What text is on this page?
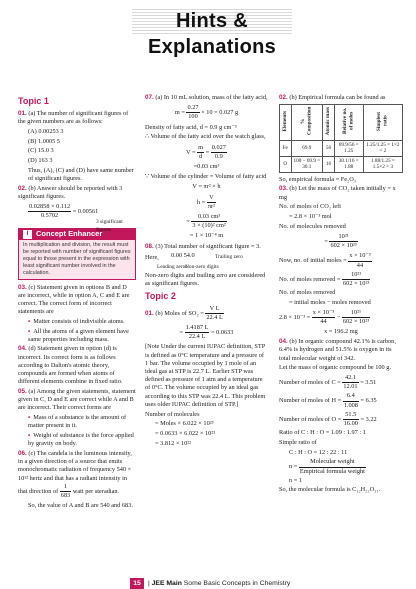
Hints & Explanations
Topic 1

01. (a) The number of significant figures of the given numbers are as follows:

(A) 0.00253 3

(B) 1.0005 5

(C) 15.0 3

(D) 163 3

Thus, (A), (C) and (D) have same number of significant figures.

02. (b) Answer should be reported with 3 significant figures.

$\frac{0.02858 \times 0.112}{0.5702} = 0.00561$
3 significant figures
i	Concept Enhancer
In multiplication and division, the result must be reported with number of significant figures equal to those present in the expression with least significant number involved in the calculation.

03. (c) Statement given in options B and D are incorrect, while in option A, C and E are correct. The correct form of incorrect statements are

▪ Matter consists of indivisible atoms.

▪ All the atoms of a given element have same properties including mass.

04. (d) Statement given in option (d) is incorrect. Its correct form is as follows according to Dalton's atomic theory, compounds are formed when atoms of different elements combine in fixed ratio.

05. (a) Among the given statements, statement given in C, D and E are correct while A and B are incorrect. Their correct forms are

▪ Mass of a substance is the amount of matter present in it.

▪ Weight of substance is the force applied by gravity on body.

06. (c) The candela is the luminous intensity, in a given direction of a source that emits monochromatic radiation of frequency 540 × 10¹² hertz and that has a radiant intensity in that direction of $\frac{1}{683}$ watt per steradian.

So, the value of A and B are 540 and 683.

07. (a) In 10 mL solution, mass of the fatty acid,

$m = \frac{0.27}{100} \times 10 = 0.027$ g

Density of fatty acid, d = 0.9 g cm⁻³

∴ Volume of the fatty acid over the watch glass,

$V = \frac{m}{d} = \frac{0.027}{0.9}$
=0.03 cm³

∵ Volume of the cylinder = Volume of fatty acid

V = πr² × h
$h = \frac{V}{\text{πr²}}$
= $\frac{\text{0.03 cm³}}{\text{3 × (10)² cm²}}$
= 1 × 10⁻⁴ m

08. (3) Total number of significant figure = 3.

Here, 0.00 54.0	Trailing zero
Leading zeros
Non-zero digits

Non-zero digits and trailing zero are considered as significant figures.

Topic 2
01. (b) Moles of $SO_2 = \frac{\text{V L}}{22.4 L}$
= $\frac{1.4187 L}{22.4 L} = 0.0633$

[Note Under the current IUPAC definition, STP is defined as 0°C temperature and a pressure of 1 bar. The volume occupied by 1 mole of an ideal gas at STP is 22.7 L. Earlier STP was defined as pressure of 1 atm and a temperature of 0°C. The volume occupied by an ideal gas according to this STP was 22.4 L. This problem uses older IUPAC definition of STP.]

Number of molecules

= Moles × 6.022 × 10²³

= 0.0633 × 6.022 × 10²³

= 3.812 × 10²²

02. (b) Empirical formula can be found as

Elements	% Composition	Atomic mass	Relative no. of moles	Simplest ratio
Fe	69.9	56	69.9/56 = 1.25	1.25/1.25 = 1×2 = 2
O	100 − 69.9 = 30.1	16	30.1/16 = 1.88	1.88/1.25 = 1.5×2 = 3

So, empirical formula = Fe₂O₃

03. (b) Let the mass of CO₂ taken initially = x mg

No. of moles of CO₂ left

= 2.8 × 10⁻³ mol

No. of molecules removed

= $\frac{\text{10²¹}}{\text{602 × 10²³}}$
Now, no. of initial moles = $\frac{\text{x × 10⁻³}}{44}$
No. of moles removed = $\frac{\text{10²¹}}{\text{602 × 10²³}}$

No. of moles removed

= initial moles − moles removed

$2.8 \times 10^{-3} = \frac{\text{x × 10⁻³}}{44} - \frac{\text{10²¹}}{\text{602 × 10²³}}$
x = 196.2 mg

04. (b) In organic compound 42.1% is carbon, 6.4% is hydrogen and 51.5% is oxygen in its total molecular weight of 342.

Let the mass of organic compound be 100 g.

Number of moles of $C = \frac{42.1}{12.01} = 3.51$
Number of moles of $H = \frac{6.4}{1.008} = 6.35$
Number of moles of $O = \frac{51.5}{16.00} = 3.22$

Ratio of C : H : O = 1.09 : 1.97 : 1

Simple ratio of

C : H : O = 12 : 22 : 11

$n = \frac{\text{Molecular weight}}{\text{Empirical formula weight}}$

n = 1

So, the molecular formula is C₁₂H₂₂O₁₁.

15	| JEE Main Some Basic Concepts in Chemistry
